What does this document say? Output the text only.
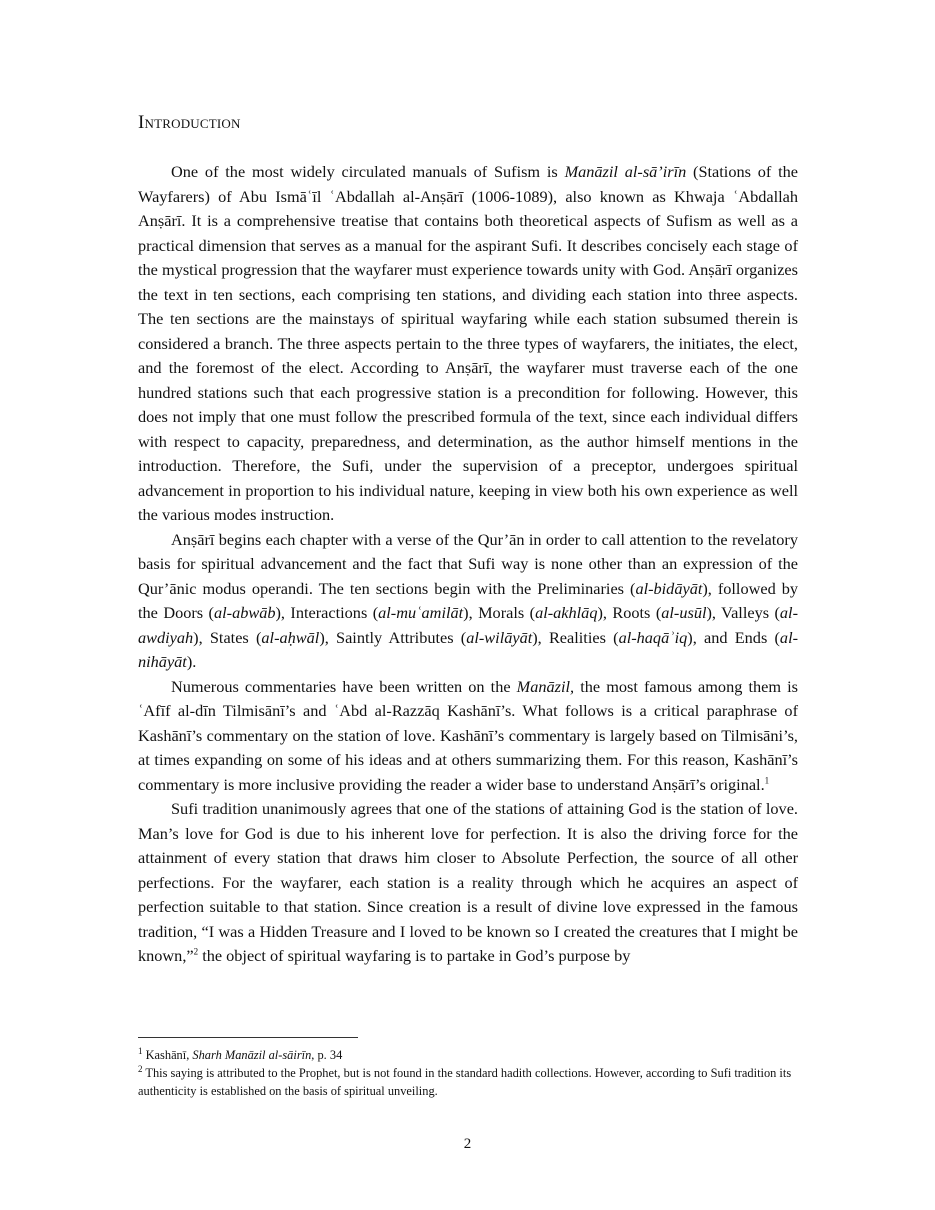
Introduction

One of the most widely circulated manuals of Sufism is Manāzil al-sā’irīn (Stations of the Wayfarers) of Abu Ismāʿīl ʿAbdallah al-Anṣārī (1006-1089), also known as Khwaja ʿAbdallah Anṣārī. It is a comprehensive treatise that contains both theoretical aspects of Sufism as well as a practical dimension that serves as a manual for the aspirant Sufi. It describes concisely each stage of the mystical progression that the wayfarer must experience towards unity with God. Anṣārī organizes the text in ten sections, each comprising ten stations, and dividing each station into three aspects. The ten sections are the mainstays of spiritual wayfaring while each station subsumed therein is considered a branch. The three aspects pertain to the three types of wayfarers, the initiates, the elect, and the foremost of the elect. According to Anṣārī, the wayfarer must traverse each of the one hundred stations such that each progressive station is a precondition for following. However, this does not imply that one must follow the prescribed formula of the text, since each individual differs with respect to capacity, preparedness, and determination, as the author himself mentions in the introduction. Therefore, the Sufi, under the supervision of a preceptor, undergoes spiritual advancement in proportion to his individual nature, keeping in view both his own experience as well the various modes instruction.

Anṣārī begins each chapter with a verse of the Qur’ān in order to call attention to the revelatory basis for spiritual advancement and the fact that Sufi way is none other than an expression of the Qur’ānic modus operandi. The ten sections begin with the Preliminaries (al-bidāyāt), followed by the Doors (al-abwāb), Interactions (al-muʿamilāt), Morals (al-akhlāq), Roots (al-usūl), Valleys (al-awdiyah), States (al-aḥwāl), Saintly Attributes (al-wilāyāt), Realities (al-haqāʾiq), and Ends (al-nihāyāt).

Numerous commentaries have been written on the Manāzil, the most famous among them is ʿAfīf al-dīn Tilmisānī’s and ʿAbd al-Razzāq Kashānī’s. What follows is a critical paraphrase of Kashānī’s commentary on the station of love. Kashānī’s commentary is largely based on Tilmisāni’s, at times expanding on some of his ideas and at others summarizing them. For this reason, Kashānī’s commentary is more inclusive providing the reader a wider base to understand Anṣārī’s original.$^1$

Sufi tradition unanimously agrees that one of the stations of attaining God is the station of love. Man’s love for God is due to his inherent love for perfection. It is also the driving force for the attainment of every station that draws him closer to Absolute Perfection, the source of all other perfections. For the wayfarer, each station is a reality through which he acquires an aspect of perfection suitable to that station. Since creation is a result of divine love expressed in the famous tradition, “I was a Hidden Treasure and I loved to be known so I created the creatures that I might be known,”$^2$ the object of spiritual wayfaring is to partake in God’s purpose by

$^1$ Kashānī, Sharh Manāzil al-sāirīn, p. 34
$^2$ This saying is attributed to the Prophet, but is not found in the standard hadith collections. However, according to Sufi tradition its authenticity is established on the basis of spiritual unveiling.
2
